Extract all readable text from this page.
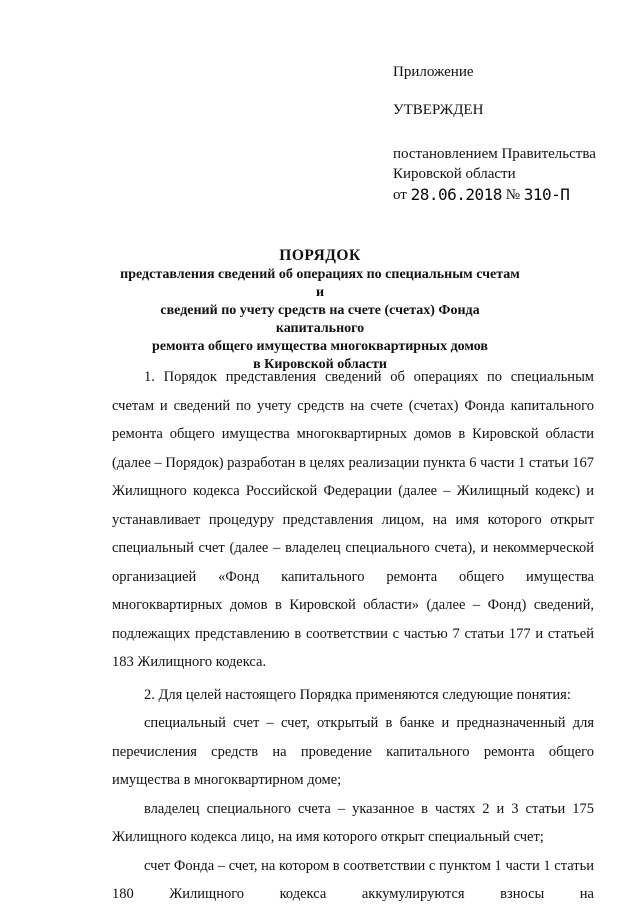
Приложение
УТВЕРЖДЕН
постановлением Правительства
Кировской области
от 28.06.2018 № 310-П
ПОРЯДОК
представления сведений об операциях по специальным счетам и
сведений по учету средств на счете (счетах) Фонда капитального
ремонта общего имущества многоквартирных домов
в Кировской области

1. Порядок представления сведений об операциях по специальным счетам и сведений по учету средств на счете (счетах) Фонда капитального ремонта общего имущества многоквартирных домов в Кировской области (далее – Порядок) разработан в целях реализации пункта 6 части 1 статьи 167 Жилищного кодекса Российской Федерации (далее – Жилищный кодекс) и устанавливает процедуру представления лицом, на имя которого открыт специальный счет (далее – владелец специального счета), и некоммерческой организацией «Фонд капитального ремонта общего имущества многоквартирных домов в Кировской области» (далее – Фонд) сведений, подлежащих представлению в соответствии с частью 7 статьи 177 и статьей 183 Жилищного кодекса.

2. Для целей настоящего Порядка применяются следующие понятия:

специальный счет – счет, открытый в банке и предназначенный для перечисления средств на проведение капитального ремонта общего имущества в многоквартирном доме;

владелец специального счета – указанное в частях 2 и 3 статьи 175 Жилищного кодекса лицо, на имя которого открыт специальный счет;

счет Фонда – счет, на котором в соответствии с пунктом 1 части 1 статьи 180 Жилищного кодекса аккумулируются взносы на
